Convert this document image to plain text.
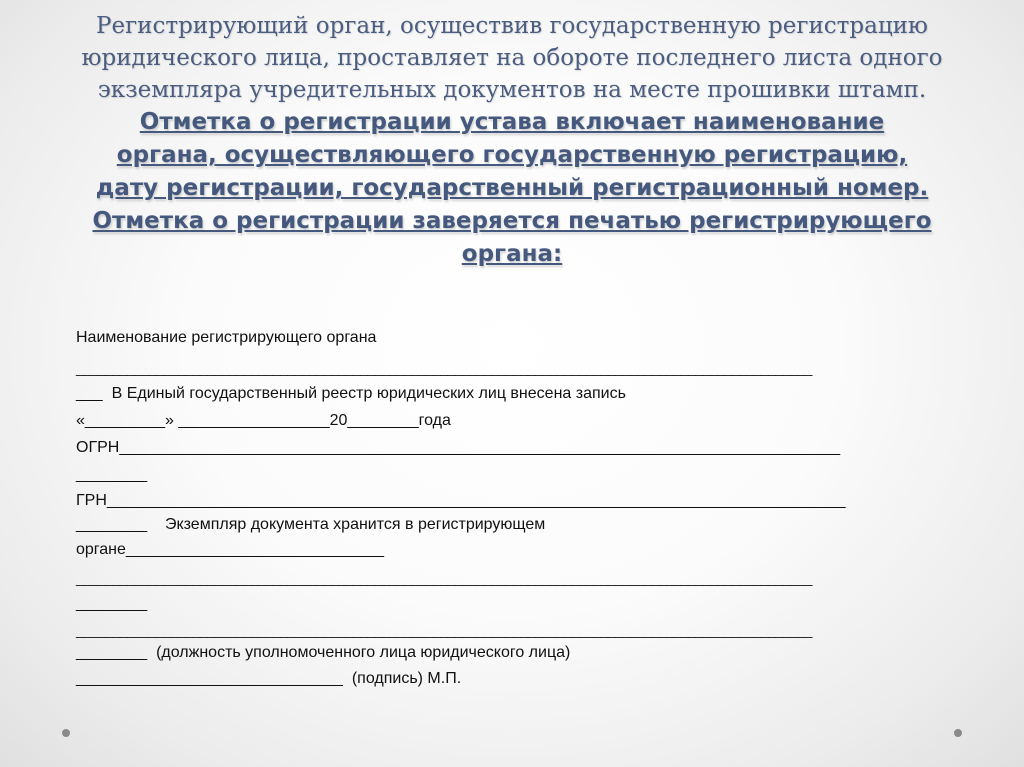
Регистрирующий орган, осуществив государственную регистрацию

юридического лица, проставляет на обороте последнего листа одного

экземпляра учредительных документов на месте прошивки штамп.

Отметка о регистрации устава включает наименование

органа, осуществляющего государственную регистрацию,

дату регистрации, государственный регистрационный номер.

Отметка о регистрации заверяется печатью регистрирующего

органа:

Наименование регистрирующего органа
_____________________________________________________________________________________________________
___  В Единый государственный реестр юридических лиц внесена запись
«_________» _________________20________года
ОГРН_________________________________________________________________________________
________
ГРН___________________________________________________________________________________
________    Экземпляр документа хранится в регистрирующем
органе_____________________________
_____________________________________________________________________________________________________
________
_____________________________________________________________________________________________________
________  (должность уполномоченного лица юридического лица)
______________________________  (подпись) М.П.
